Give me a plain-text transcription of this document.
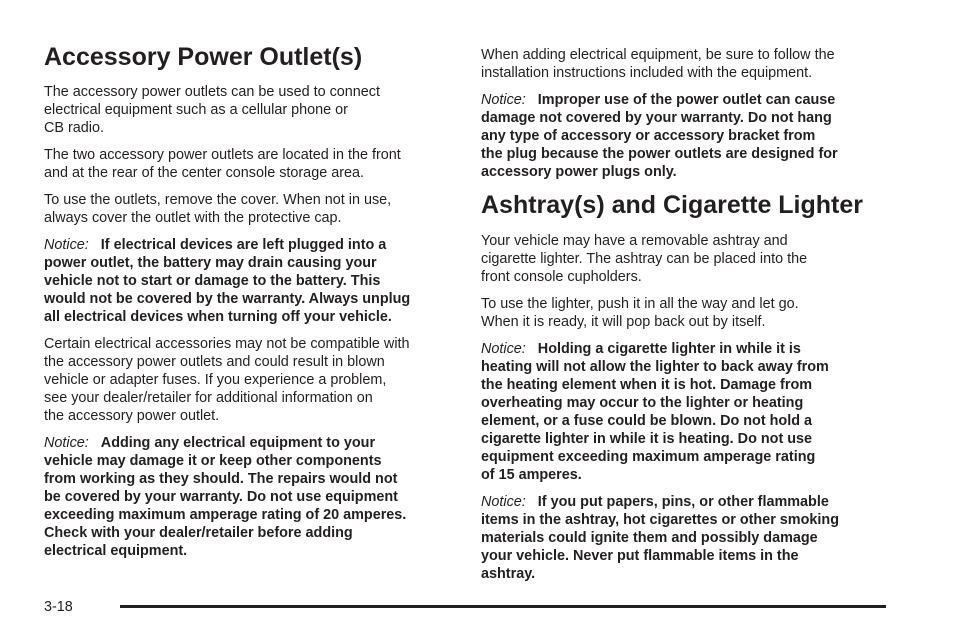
Accessory Power Outlet(s)

The accessory power outlets can be used to connect
electrical equipment such as a cellular phone or
CB radio.

The two accessory power outlets are located in the front
and at the rear of the center console storage area.

To use the outlets, remove the cover. When not in use,
always cover the outlet with the protective cap.

Notice: If electrical devices are left plugged into a
power outlet, the battery may drain causing your
vehicle not to start or damage to the battery. This
would not be covered by the warranty. Always unplug
all electrical devices when turning off your vehicle.

Certain electrical accessories may not be compatible with
the accessory power outlets and could result in blown
vehicle or adapter fuses. If you experience a problem,
see your dealer/retailer for additional information on
the accessory power outlet.

Notice: Adding any electrical equipment to your
vehicle may damage it or keep other components
from working as they should. The repairs would not
be covered by your warranty. Do not use equipment
exceeding maximum amperage rating of 20 amperes.
Check with your dealer/retailer before adding
electrical equipment.

When adding electrical equipment, be sure to follow the
installation instructions included with the equipment.

Notice: Improper use of the power outlet can cause
damage not covered by your warranty. Do not hang
any type of accessory or accessory bracket from
the plug because the power outlets are designed for
accessory power plugs only.

Ashtray(s) and Cigarette Lighter

Your vehicle may have a removable ashtray and
cigarette lighter. The ashtray can be placed into the
front console cupholders.

To use the lighter, push it in all the way and let go.
When it is ready, it will pop back out by itself.

Notice: Holding a cigarette lighter in while it is
heating will not allow the lighter to back away from
the heating element when it is hot. Damage from
overheating may occur to the lighter or heating
element, or a fuse could be blown. Do not hold a
cigarette lighter in while it is heating. Do not use
equipment exceeding maximum amperage rating
of 15 amperes.

Notice: If you put papers, pins, or other flammable
items in the ashtray, hot cigarettes or other smoking
materials could ignite them and possibly damage
your vehicle. Never put flammable items in the
ashtray.

3-18
